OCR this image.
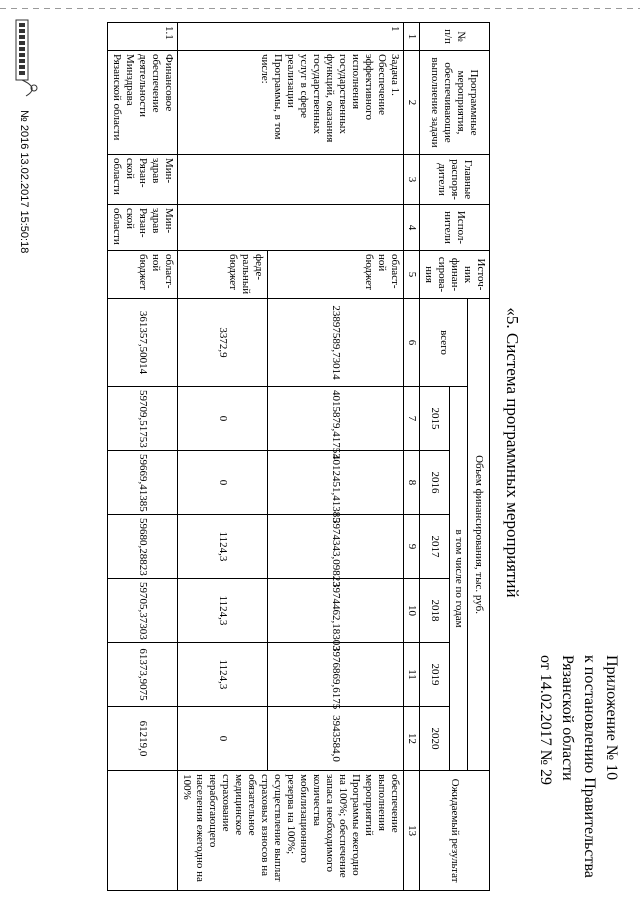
Приложение № 10
к постановлению Правительства
Рязанской области
от 14.02.2017 № 29
«5. Система программных мероприятий
№ п/п	Программные мероприятия, обеспечивающие выполнение задачи	Главные распоря-дители	Испол-нители	Источ-ник финан-сирова-ния	Объем финансирования, тыс. руб.							Ожидаемый результат
					всего	в том числе по годам						
						2015	2016	2017	2018	2019	2020	
1	2	3	4	5	6	7	8	9	10	11	12	13
1	Задача 1. Обеспечение эффективного исполнения государственных функций, оказания государственных услуг в сфере реализации Программы, в том числе:			област-ной бюджет	23897589,73014	4015879,41753	4012451,41385	3974343,09823	3974462,18303	3976869,6175	3943584,0	обеспечение выполнения мероприятий Программы ежегодно на 100%; обеспечение запаса необходимого количества мобилизационного резерва на 100%; осуществление выплат страховых взносов на обязательное медицинское страхование неработающего населения ежегодно на 100%
				феде-ральный бюджет	3372,9	0	0	1124,3	1124,3	1124,3	0	
1.1	Финансовое обеспечение деятельности Минздрава Рязанской области	Мин-здрав Рязан-ской области	Мин-здрав Рязан-ской области	област-ной бюджет	361357,50014	59709,51753	59669,41385	59680,28823	59705,37303	61373,9075	61219,0	
№ 2016 13.02.2017 15:50:18
